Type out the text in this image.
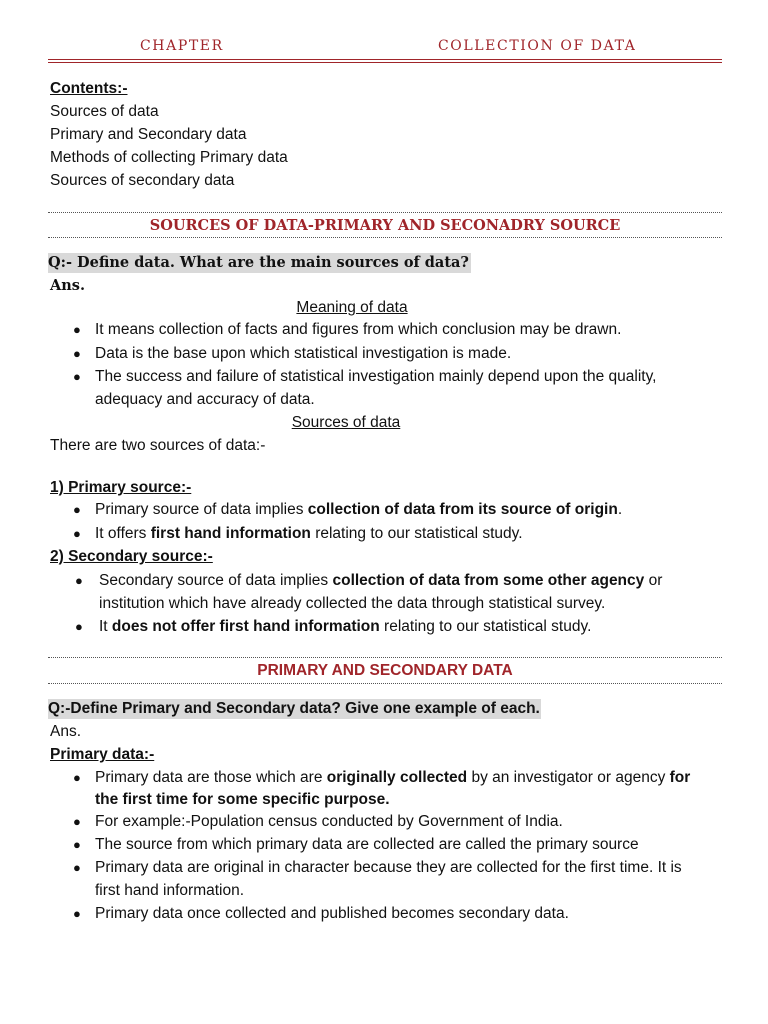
CHAPTER	COLLECTION OF DATA
Contents:-
Sources of data
Primary and Secondary data
Methods of collecting Primary data
Sources of secondary data
SOURCES OF DATA-PRIMARY AND SECONADRY SOURCE
Q:- Define data. What are the main sources of data?
Ans.
Meaning of data
● It means collection of facts and figures from which conclusion may be drawn.
● Data is the base upon which statistical investigation is made.
● The success and failure of statistical investigation mainly depend upon the quality,
adequacy and accuracy of data.
Sources of data
There are two sources of data:-
1) Primary source:-
● Primary source of data implies collection of data from its source of origin.
● It offers first hand information relating to our statistical study.
2) Secondary source:-
● Secondary source of data implies collection of data from some other agency or
institution which have already collected the data through statistical survey.
● It does not offer first hand information relating to our statistical study.
PRIMARY AND SECONDARY DATA
Q:-Define Primary and Secondary data? Give one example of each.
Ans.
Primary data:-
● Primary data are those which are originally collected by an investigator or agency for
the first time for some specific purpose.
● For example:-Population census conducted by Government of India.
● The source from which primary data are collected are called the primary source
● Primary data are original in character because they are collected for the first time. It is
first hand information.
● Primary data once collected and published becomes secondary data.
